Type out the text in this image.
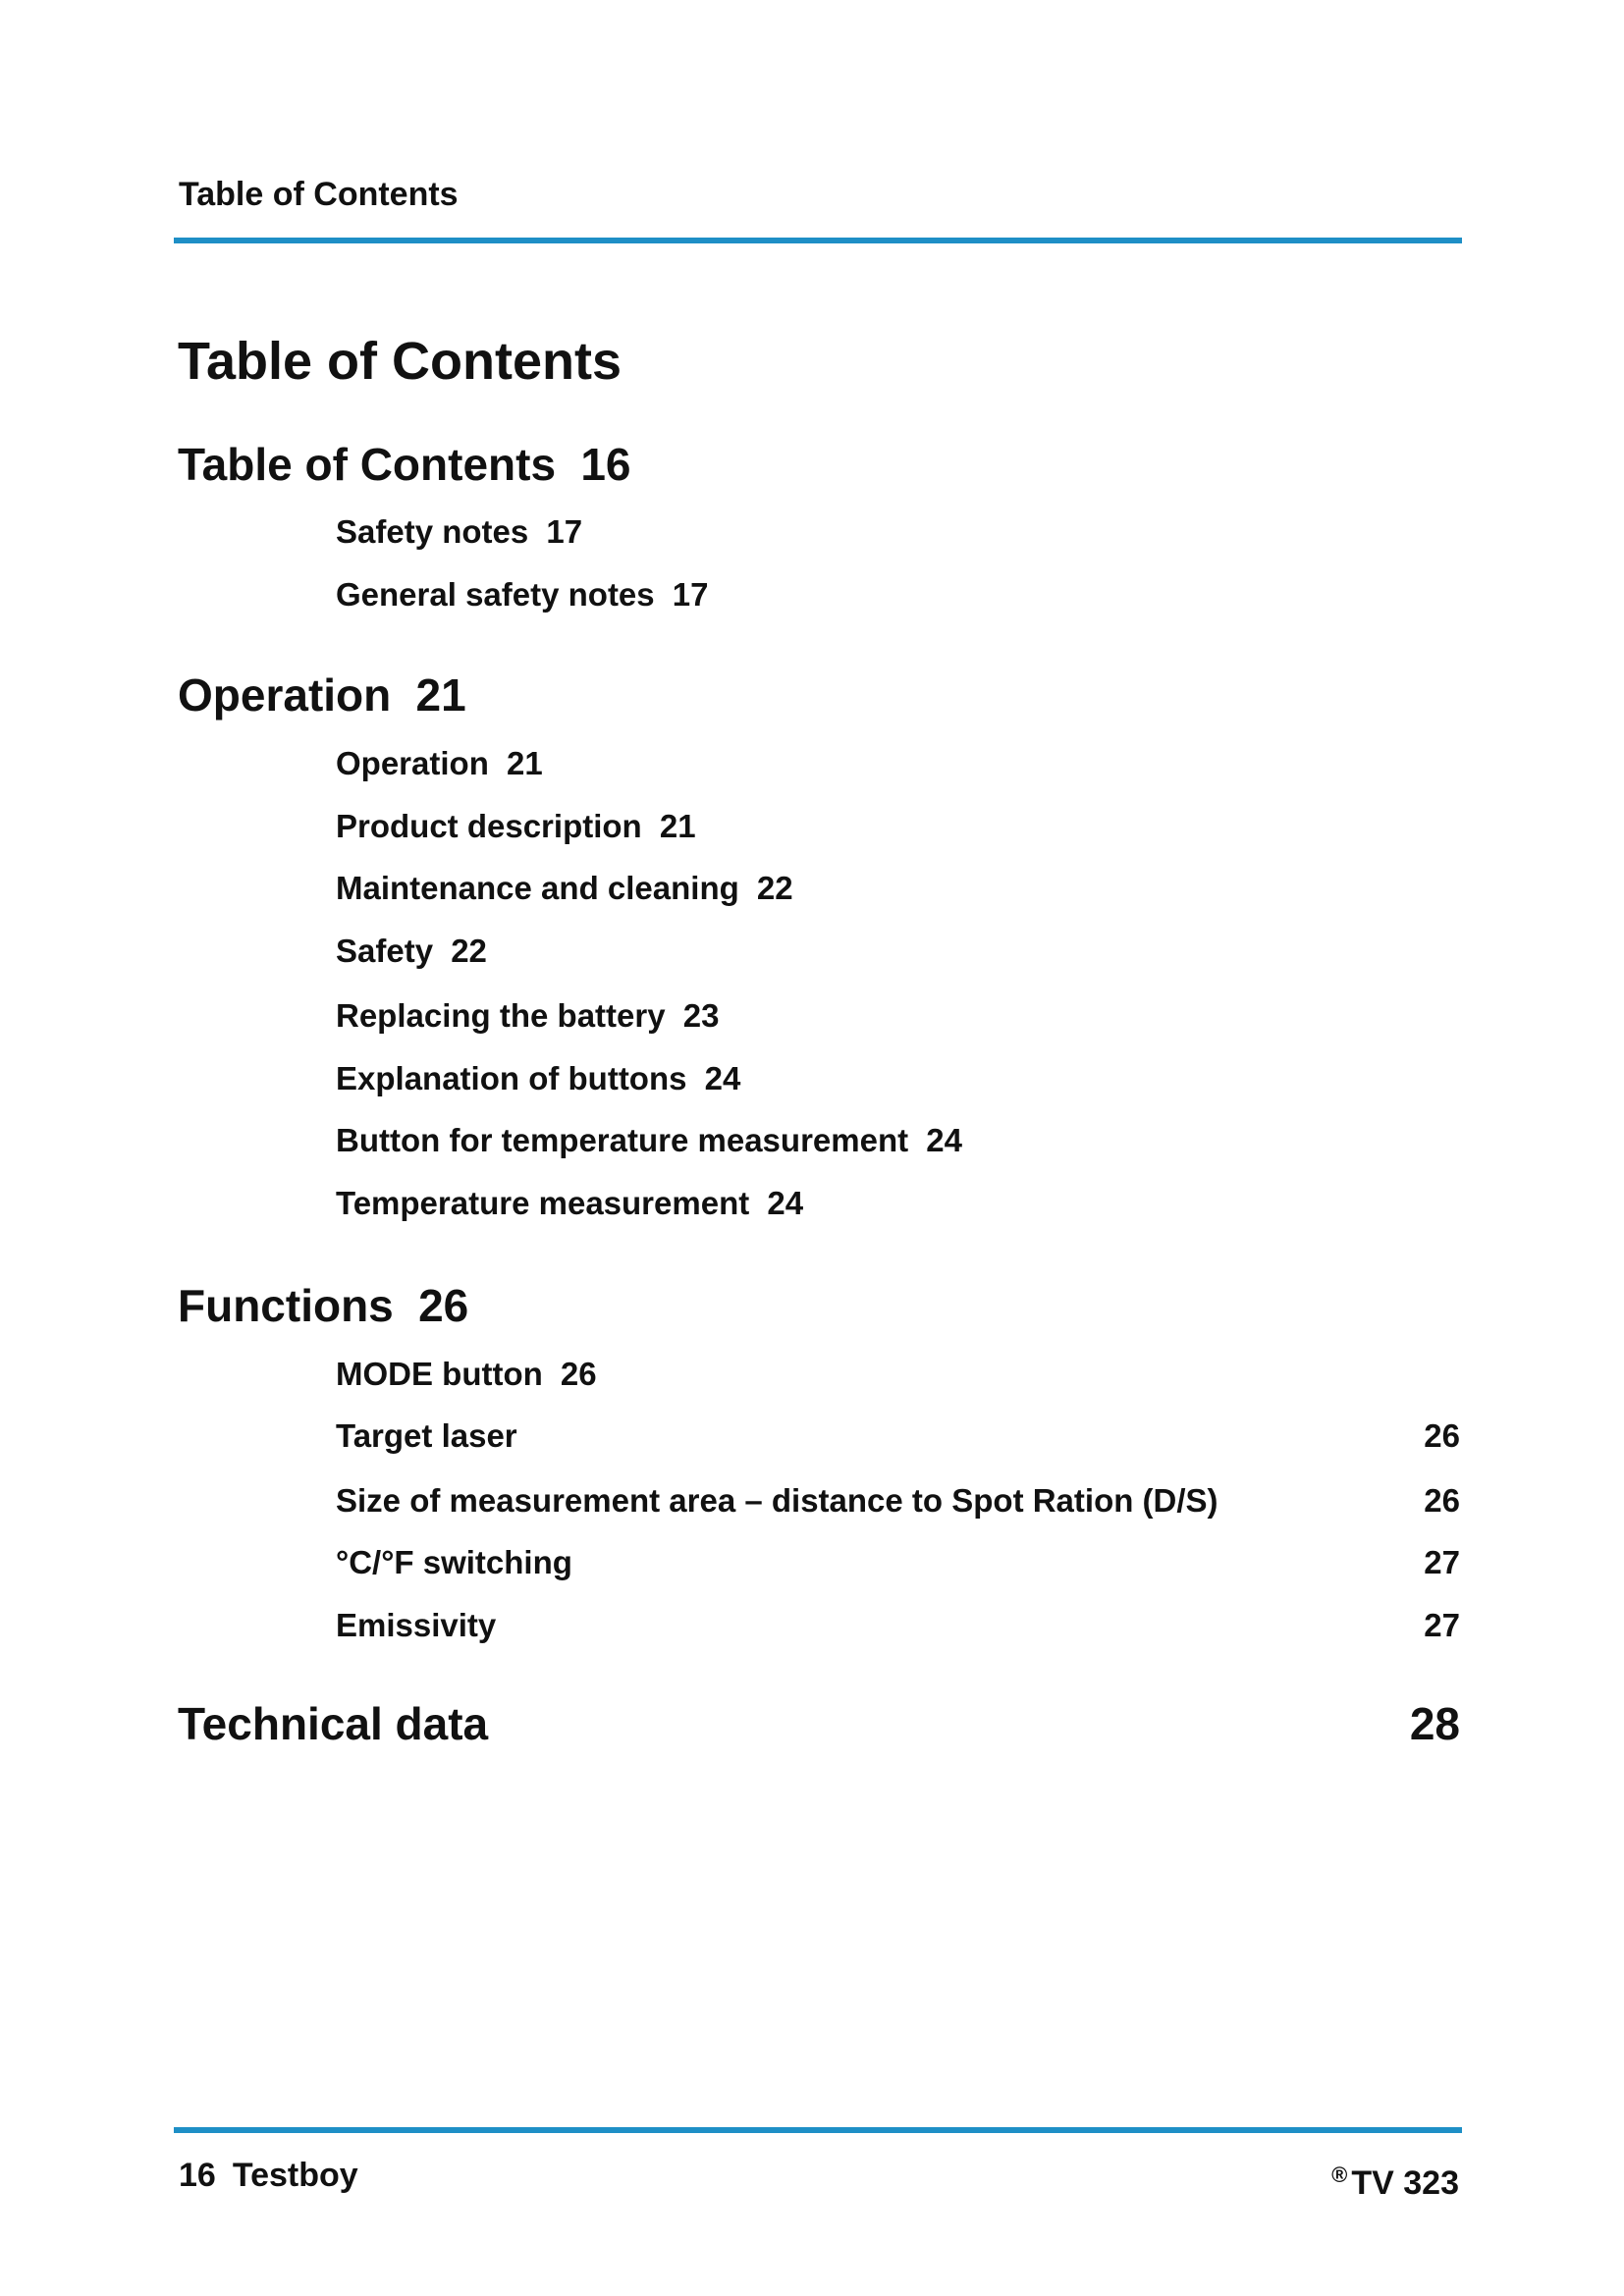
Table of Contents
Table of Contents
Table of Contents 16
Safety notes 17
General safety notes 17
Operation 21
Operation 21
Product description 21
Maintenance and cleaning 22
Safety 22
Replacing the battery 23
Explanation of buttons 24
Button for temperature measurement 24
Temperature measurement 24
Functions 26
MODE button 26
Target laser	26
Size of measurement area – distance to Spot Ration (D/S)	26
°C/°F switching	27
Emissivity	27
Technical data	28
16 Testboy	® TV 323
